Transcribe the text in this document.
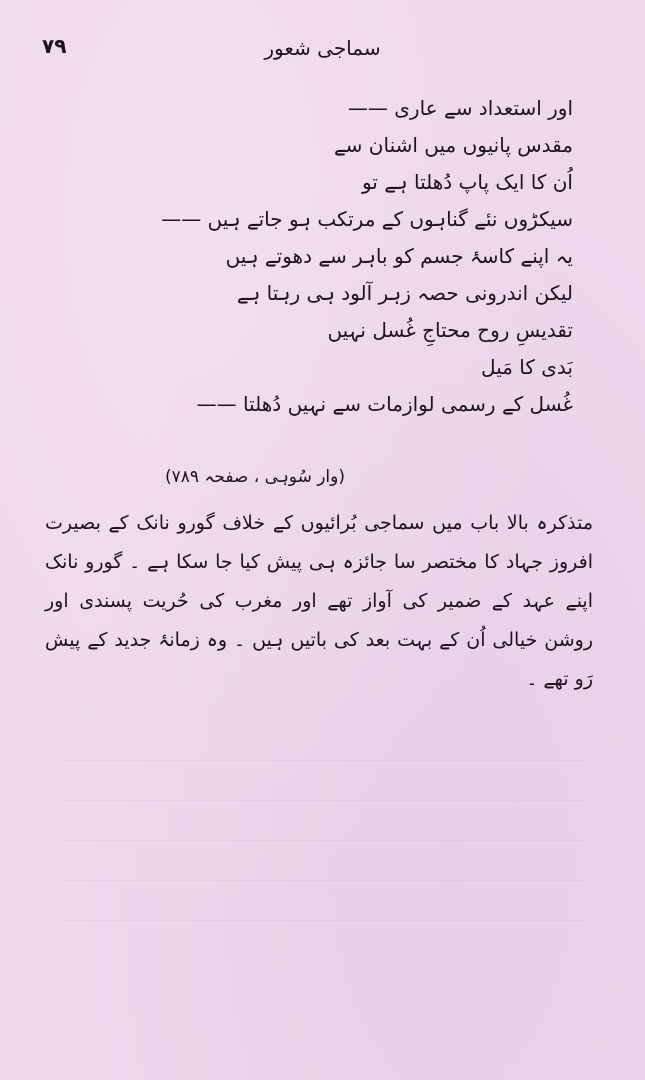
۷۹	سماجی شعور
اور استعداد سے عاری ——
مقدس پانیوں میں اشنان سے
اُن کا ایک پاپ دُھلتا ہے تو
سیکڑوں نئے گناہوں کے مرتکب ہو جاتے ہیں ——
یہ اپنے کاسۂ جسم کو باہر سے دھوتے ہیں
لیکن اندرونی حصہ زہر آلود ہی رہتا ہے
تقدیسِ روح محتاجِ غُسل نہیں
بَدی کا مَیل
غُسل کے رسمی لوازمات سے نہیں دُھلتا ——
(وار سُوہی ، صفحہ ۷۸۹)

متذکرہ بالا باب میں سماجی بُرائیوں کے خلاف گورو نانک کے بصیرت افروز جہاد کا مختصر سا جائزہ ہی پیش کیا جا سکا ہے ۔ گورو نانک اپنے عہد کے ضمیر کی آواز تھے اور مغرب کی حُریت پسندی اور روشن خیالی اُن کے بہت بعد کی باتیں ہیں ۔ وہ زمانۂ جدید کے پیش رَو تھے ۔
